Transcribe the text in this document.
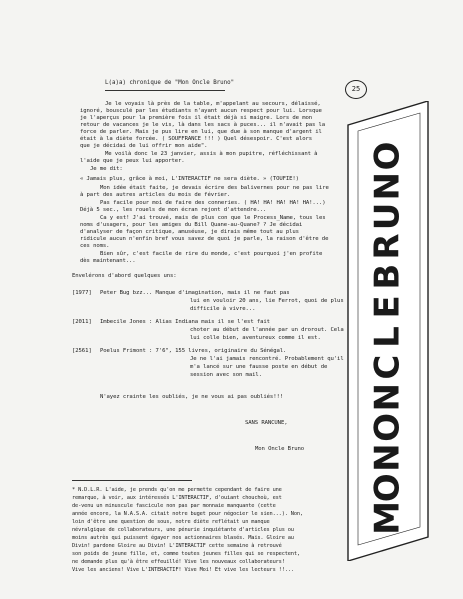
L(a)a) chronique de "Mon Oncle Bruno"
25
Je le voyais là près de la table, m'appelant au secours, délaissé,
ignoré, bousculé par les étudiants n'ayant aucun respect pour lui. Lorsque
je l'aperçus pour la première fois il était déjà si maigre. Lors de mon
retour de vacances je le vis, là dans les sacs à puces... il n'avait pas la
force de parler. Mais je pus lire en lui, que due à son manque d'argent il
était à la diète forcée. ( SOUFFRANCE !!! ) Quel désespoir. C'est alors
que je décidai de lui offrir mon aide".
Me voilà donc le 23 janvier, assis à mon pupitre, réfléchissant à
l'aide que je peux lui apporter.
Je me dit:
« Jamais plus, grâce à moi, L'INTERACTIF ne sera diète. » (TOUFIE!)
Mon idée était faite, je devais écrire des balivernes pour ne pas lire
à part des autres articles du mois de février.
Pas facile pour moi de faire des conneries. ( HA! HA! HA! HA! HA!...)
Déjà 5 sec., les rouels de mon écran rejont d'attendre...
Ca y est! J'ai trouvé, mais de plus con que le Process_Name, tous les
noms d'usagers, pour les amiges du Bill Quane-au-Quane? ? Je décidai
d'analyser de façon critique, amuséuse, je dirais même tout au plus
ridicule aucun n'enfin bref vous savez de quoi je parle, la raison d'être de
ces noms.
Bien sûr, c'est facile de rire du monde, c'est pourquoi j'en profite
dès maintenant...
Envelérons d'abord quelques uns:
[1977] Peter Bug bzz... Manque d'imagination, mais il ne faut pas
lui en vouloir 20 ans, lie Ferrot, quoi de plus
difficile à vivre...
[2011] Imbecile Jones : Alias Indiana mais il se l'est fait
choter au début de l'année par un drorout. Cela
lui colle bien, aventureux comme il est.
[2561] Poelus Frimont : 7'6", 155 livres, originaire du Sénégal.
Je ne l'ai jamais rencontré. Probablement qu'il
m'a lancé sur une fausse poste en début de
session avec son mail.
N'ayez crainte les oubliés, je ne vous ai pas oubliés!!!
SANS RANCUNE,
Mon Oncle Bruno
* N.D.L.R. L'aide, je prends qu'on me permette cependant de faire une
remarque, à voir, aux intéressés L'INTERACTIF, d'ouiant chouchoù, est
de-venu un minuscule fascicule non pas par monnaie manquante (cette
année encore, la N.A.S.A. citait notre buget pour négocier le sien...). Non,
loin d'être une question de sous, notre diète reflétait un manque
névralgique de collaborateurs, une pénurie inquiétante d'articles plus ou
moins autrès qui puissent égayer nos actionnaires blasés. Mais. Gloire au
Divin! pardone Gloire au Divin! L'INTERACTIF cette semaine à retrouvé
son poids de jeune fille, et, comme toutes jeunes filles qui se respectent,
ne demande plus qu'à être effeuillé! Vive les nouveaux collaborateurs!
Vive les anciens! Vive L'INTERACTIF! Vive Moi! Et vive les lecteurs !!...
M
O
N
O
N
C
L
E
B
R
U
N
O
